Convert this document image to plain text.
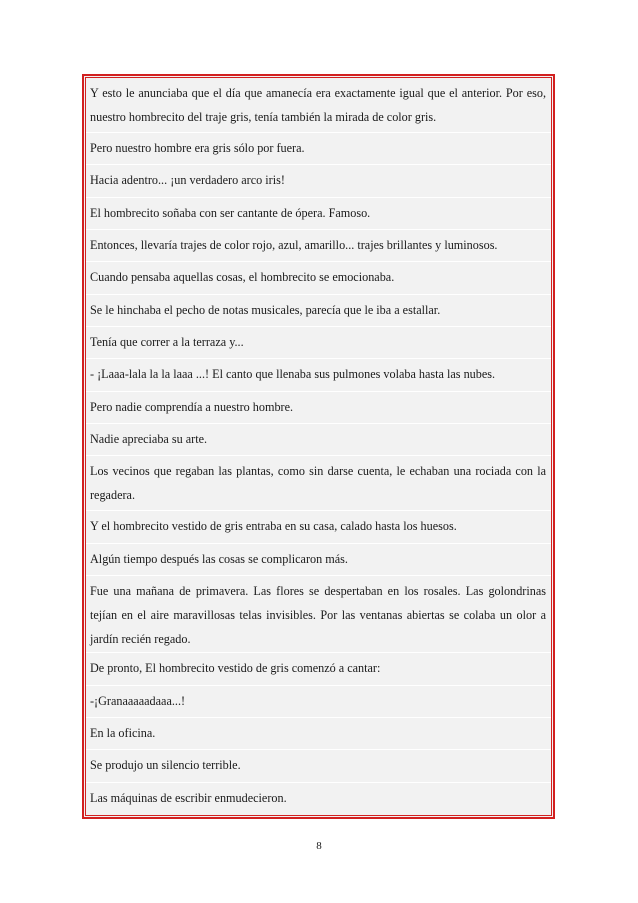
Y esto le anunciaba que el día que amanecía era exactamente igual que el anterior. Por eso, nuestro hombrecito del traje gris, tenía también la mirada de color gris.
Pero nuestro hombre era gris sólo por fuera.
Hacia adentro... ¡un verdadero arco iris!
El hombrecito soñaba con ser cantante de ópera. Famoso.
Entonces, llevaría trajes de color rojo, azul, amarillo... trajes brillantes y luminosos.
Cuando pensaba aquellas cosas, el hombrecito se emocionaba.
Se le hinchaba el pecho de notas musicales, parecía que le iba a estallar.
Tenía que correr a la terraza y...
- ¡Laaa-lala la la laaa ...! El canto que llenaba sus pulmones volaba hasta las nubes.
Pero nadie comprendía a nuestro hombre.
Nadie apreciaba su arte.
Los vecinos que regaban las plantas, como sin darse cuenta, le echaban una rociada con la regadera.
Y el hombrecito vestido de gris entraba en su casa, calado hasta los huesos.
Algún tiempo después las cosas se complicaron más.
Fue una mañana de primavera. Las flores se despertaban en los rosales. Las golondrinas tejían en el aire maravillosas telas invisibles. Por las ventanas abiertas se colaba un olor a jardín recién regado.
De pronto, El hombrecito vestido de gris comenzó a cantar:
-¡Granaaaaadaaa...!
En la oficina.
Se produjo un silencio terrible.
Las máquinas de escribir enmudecieron.
8
